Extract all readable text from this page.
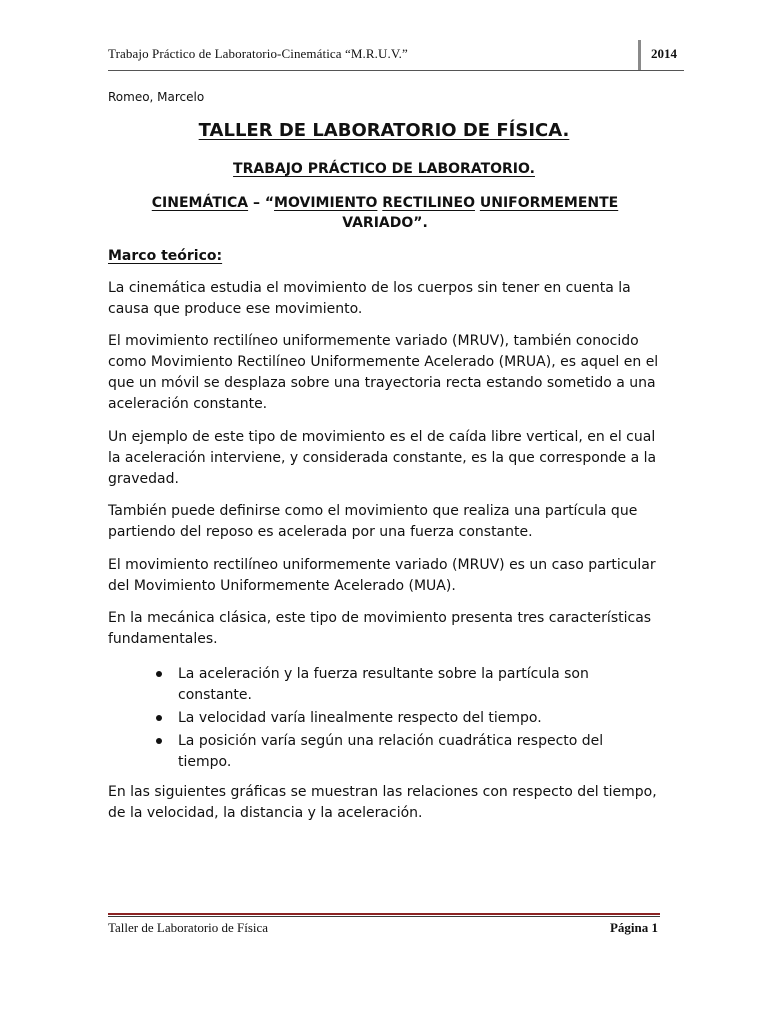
Trabajo Práctico de Laboratorio-Cinemática “M.R.U.V.”	2014
Romeo, Marcelo
TALLER DE LABORATORIO DE FÍSICA.
TRABAJO PRÁCTICO DE LABORATORIO.
CINEMÁTICA – “MOVIMIENTO RECTILINEO UNIFORMEMENTE VARIADO”.
Marco teórico:

La cinemática estudia el movimiento de los cuerpos sin tener en cuenta la causa que produce ese movimiento.

El movimiento rectilíneo uniformemente variado (MRUV), también conocido como Movimiento Rectilíneo Uniformemente Acelerado (MRUA), es aquel en el que un móvil se desplaza sobre una trayectoria recta estando sometido a una aceleración constante.

Un ejemplo de este tipo de movimiento es el de caída libre vertical, en el cual la aceleración interviene, y considerada constante, es la que corresponde a la gravedad.

También puede definirse como el movimiento que realiza una partícula que partiendo del reposo es acelerada por una fuerza constante.

El movimiento rectilíneo uniformemente variado (MRUV) es un caso particular del Movimiento Uniformemente Acelerado (MUA).

En la mecánica clásica, este tipo de movimiento presenta tres características fundamentales.

La aceleración y la fuerza resultante sobre la partícula son constante.
La velocidad varía linealmente respecto del tiempo.
La posición varía según una relación cuadrática respecto del tiempo.

En las siguientes gráficas se muestran las relaciones con respecto del tiempo, de la velocidad, la distancia y la aceleración.

Taller de Laboratorio de Física	Página 1
